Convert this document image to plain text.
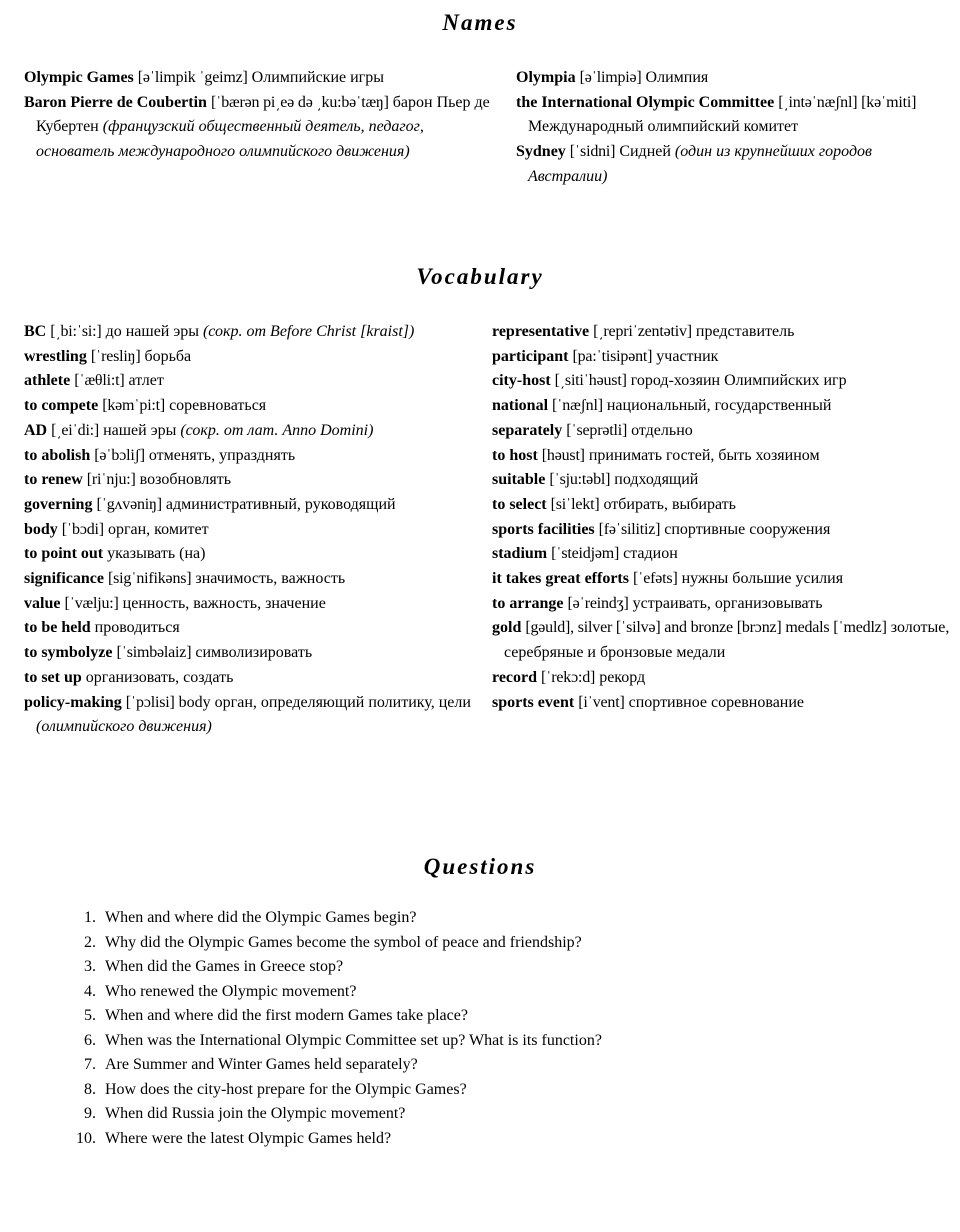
Names
Olympic Games [əˈlimpik ˈgeimz] Олимпийские игры
Baron Pierre de Coubertin [ˈbærən pi͵eə də ͵ku:bəˈtæŋ] барон Пьер де Кубертен (французский общественный деятель, педагог, основатель международного олимпийского движения)
Olympia [əˈlimpiə] Олимпия
the International Olympic Committee [͵intəˈnæʃnl] [kəˈmiti] Международный олимпийский комитет
Sydney [ˈsidni] Сидней (один из крупнейших городов Австралии)
Vocabulary
BC [͵bi:ˈsi:] до нашей эры (сокр. от Before Christ [kraist])
wrestling [ˈresliŋ] борьба
athlete [ˈæθli:t] атлет
to compete [kəmˈpi:t] соревноваться
AD [͵eiˈdi:] нашей эры (сокр. от лат. Anno Domini)
to abolish [əˈbɔliʃ] отменять, упразднять
to renew [riˈnju:] возобновлять
governing [ˈgʌvəniŋ] административный, руководящий
body [ˈbɔdi] орган, комитет
to point out указывать (на)
significance [sigˈnifikəns] значимость, важность
value [ˈvælju:] ценность, важность, значение
to be held проводиться
to symbolyze [ˈsimbəlaiz] символизировать
to set up организовать, создать
policy-making [ˈpɔlisi] body орган, определяющий политику, цели (олимпийского движения)
representative [͵repriˈzentətiv] представитель
participant [pa:ˈtisipənt] участник
city-host [͵sitiˈhəust] город-хозяин Олимпийских игр
national [ˈnæʃnl] национальный, государственный
separately [ˈseprətli] отдельно
to host [həust] принимать гостей, быть хозяином
suitable [ˈsju:təbl] подходящий
to select [siˈlekt] отбирать, выбирать
sports facilities [fəˈsilitiz] спортивные сооружения
stadium [ˈsteidjəm] стадион
it takes great efforts [ˈefəts] нужны большие усилия
to arrange [əˈreindʒ] устраивать, организовывать
gold [gəuld], silver [ˈsilvə] and bronze [brɔnz] medals [ˈmedlz] золотые, серебряные и бронзовые медали
record [ˈrekɔ:d] рекорд
sports event [iˈvent] спортивное соревнование
Questions
1. When and where did the Olympic Games begin?
2. Why did the Olympic Games become the symbol of peace and friendship?
3. When did the Games in Greece stop?
4. Who renewed the Olympic movement?
5. When and where did the first modern Games take place?
6. When was the International Olympic Committee set up? What is its function?
7. Are Summer and Winter Games held separately?
8. How does the city-host prepare for the Olympic Games?
9. When did Russia join the Olympic movement?
10. Where were the latest Olympic Games held?
